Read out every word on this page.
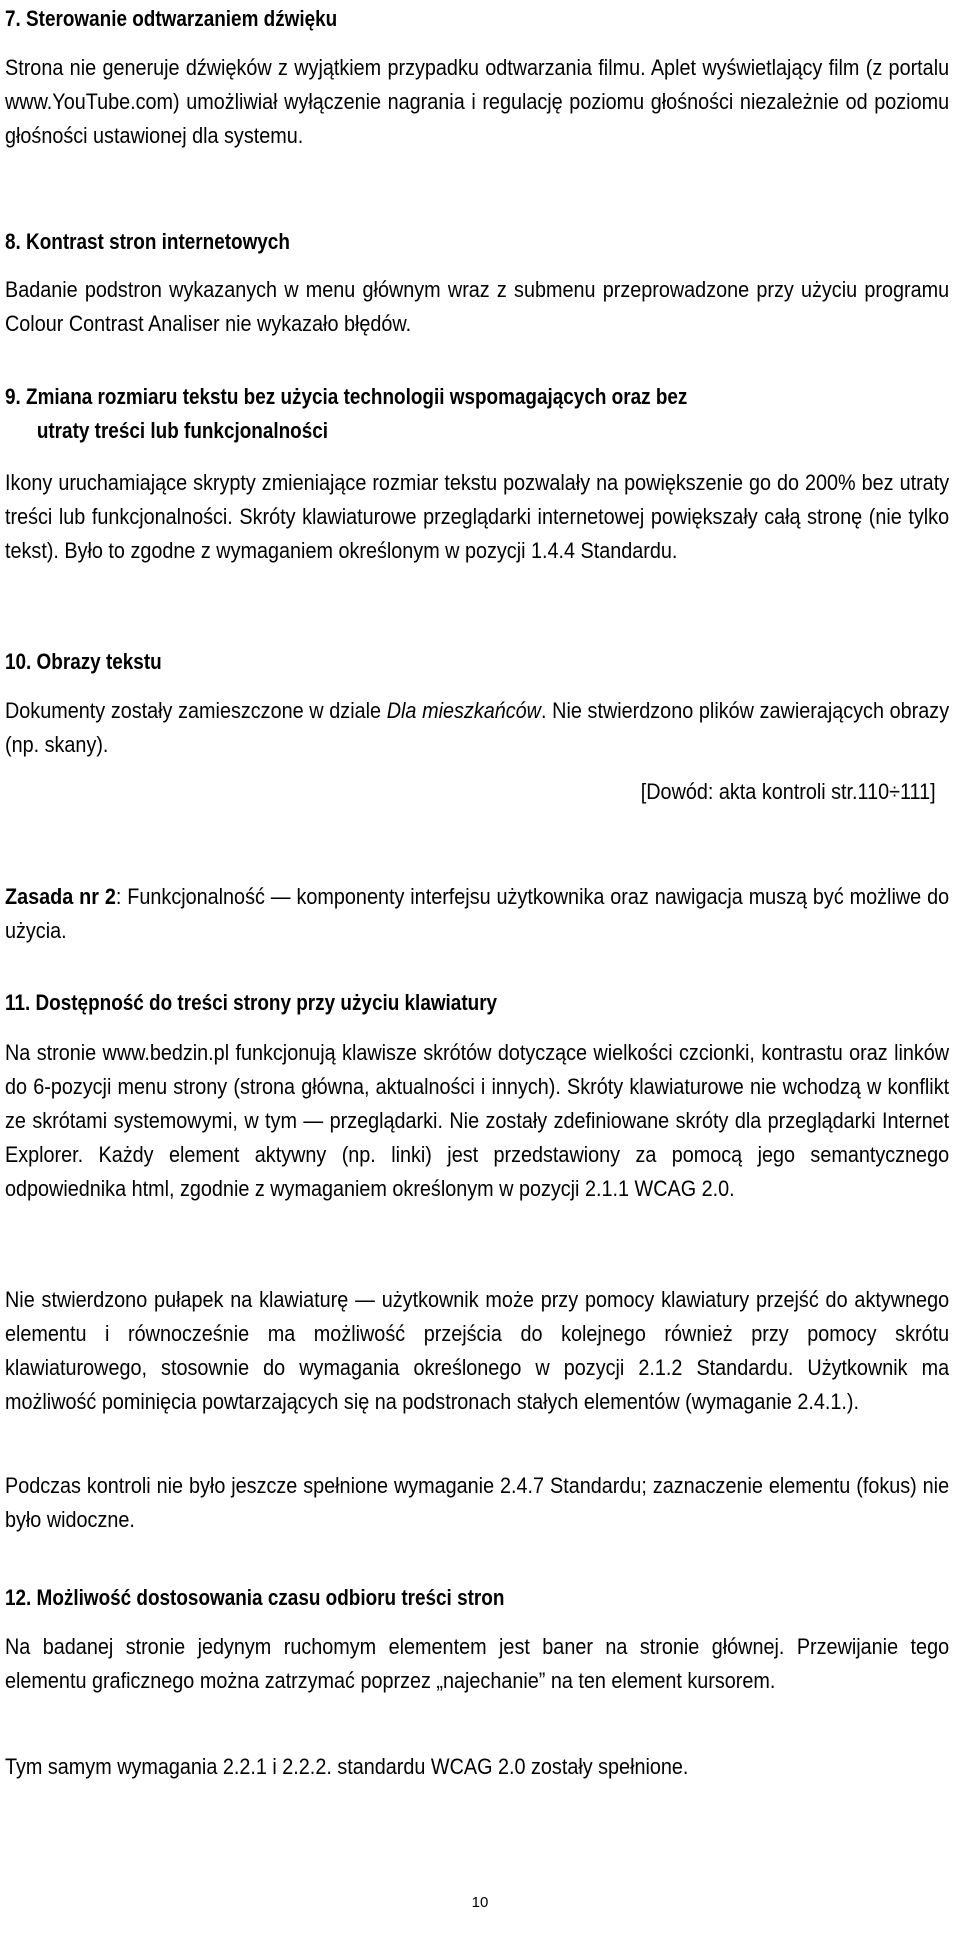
7. Sterowanie odtwarzaniem dźwięku
Strona nie generuje dźwięków z wyjątkiem przypadku odtwarzania filmu. Aplet wyświetlający film (z portalu www.YouTube.com) umożliwiał wyłączenie nagrania i regulację poziomu głośności niezależnie od poziomu głośności ustawionej dla systemu.
8. Kontrast stron internetowych
Badanie podstron wykazanych w menu głównym wraz z submenu przeprowadzone przy użyciu programu Colour Contrast Analiser nie wykazało błędów.
9. Zmiana rozmiaru tekstu bez użycia technologii wspomagających oraz bez
utraty treści lub funkcjonalności
Ikony uruchamiające skrypty zmieniające rozmiar tekstu pozwalały na powiększenie go do 200% bez utraty treści lub funkcjonalności. Skróty klawiaturowe przeglądarki internetowej powiększały całą stronę (nie tylko tekst). Było to zgodne z wymaganiem określonym w pozycji 1.4.4 Standardu.
10. Obrazy tekstu
Dokumenty zostały zamieszczone w dziale Dla mieszkańców. Nie stwierdzono plików zawierających obrazy (np. skany).
[Dowód: akta kontroli str.110÷111]
Zasada nr 2: Funkcjonalność — komponenty interfejsu użytkownika oraz nawigacja muszą być możliwe do użycia.
11. Dostępność do treści strony przy użyciu klawiatury
Na stronie www.bedzin.pl funkcjonują klawisze skrótów dotyczące wielkości czcionki, kontrastu oraz linków do 6-pozycji menu strony (strona główna, aktualności i innych). Skróty klawiaturowe nie wchodzą w konflikt ze skrótami systemowymi, w tym — przeglądarki. Nie zostały zdefiniowane skróty dla przeglądarki Internet Explorer. Każdy element aktywny (np. linki) jest przedstawiony za pomocą jego semantycznego odpowiednika html, zgodnie z wymaganiem określonym w pozycji 2.1.1 WCAG 2.0.
Nie stwierdzono pułapek na klawiaturę — użytkownik może przy pomocy klawiatury przejść do aktywnego elementu i równocześnie ma możliwość przejścia do kolejnego również przy pomocy skrótu klawiaturowego, stosownie do wymagania określonego w pozycji 2.1.2 Standardu. Użytkownik ma możliwość pominięcia powtarzających się na podstronach stałych elementów (wymaganie 2.4.1.).
Podczas kontroli nie było jeszcze spełnione wymaganie 2.4.7 Standardu; zaznaczenie elementu (fokus) nie było widoczne.
12. Możliwość dostosowania czasu odbioru treści stron
Na badanej stronie jedynym ruchomym elementem jest baner na stronie głównej. Przewijanie tego elementu graficznego można zatrzymać poprzez „najechanie” na ten element kursorem.
Tym samym wymagania 2.2.1 i 2.2.2. standardu WCAG 2.0 zostały spełnione.
10
